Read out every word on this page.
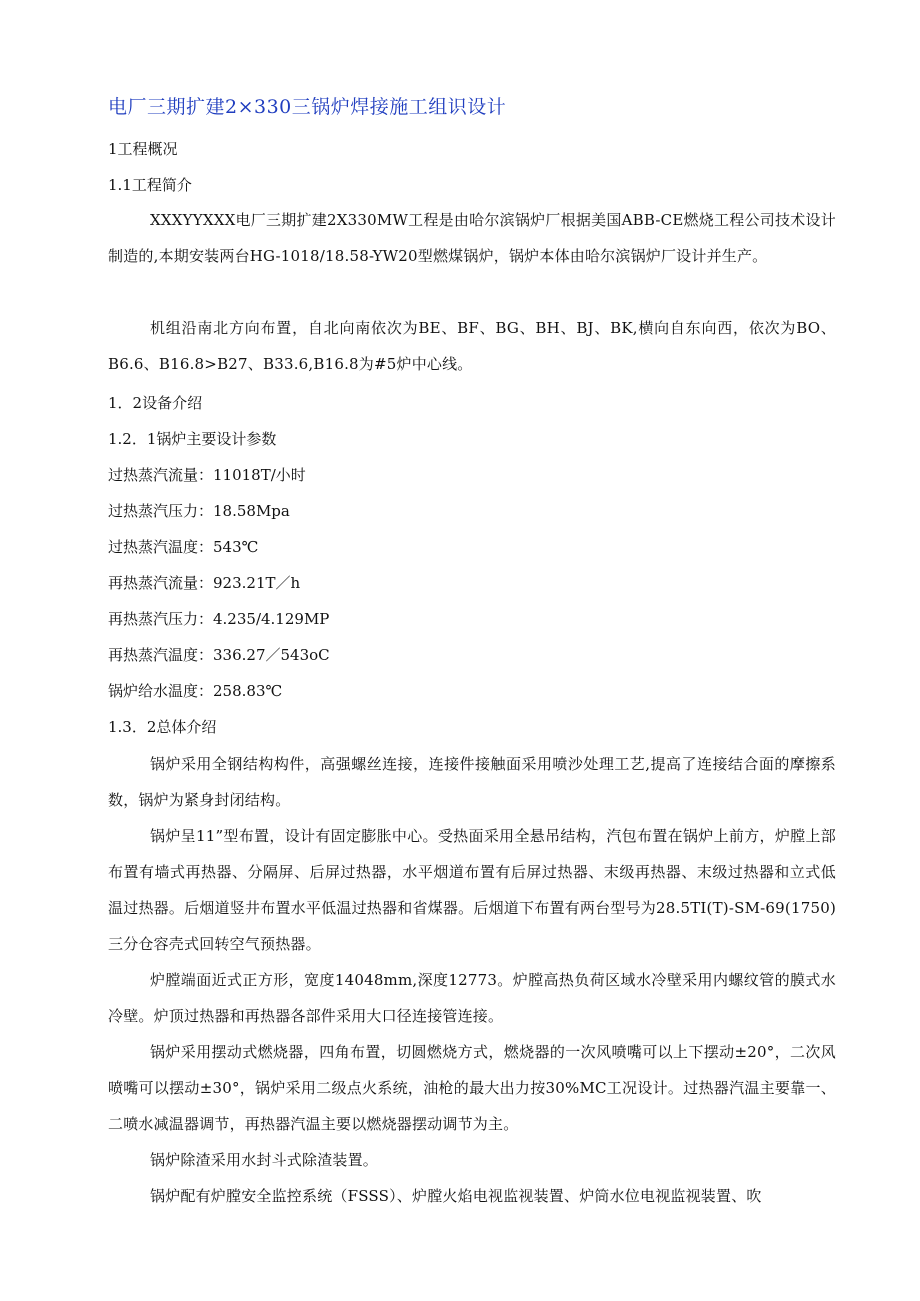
电厂三期扩建2×330三锅炉焊接施工组识设计
1工程概况
1.1工程简介
XXXYYXXX电厂三期扩建2X330MW工程是由哈尔滨锅炉厂根据美国ABB-CE燃烧工程公司技术设计制造的,本期安装两台HG-1018/18.58-YW20型燃煤锅炉，锅炉本体由哈尔滨锅炉厂设计并生产。
机组沿南北方向布置，自北向南依次为BE、BF、BG、BH、BJ、BK,横向自东向西，依次为BO、B6.6、B16.8>B27、B33.6,B16.8为#5炉中心线。
1．2设备介绍
1.2．1锅炉主要设计参数
过热蒸汽流量：11018T/小时
过热蒸汽压力：18.58Mpa
过热蒸汽温度：543℃
再热蒸汽流量：923.21T／h
再热蒸汽压力：4.235/4.129MP
再热蒸汽温度：336.27／543oC
锅炉给水温度：258.83℃
1.3．2总体介绍
锅炉采用全钢结构构件，高强螺丝连接，连接件接触面采用喷沙处理工艺,提高了连接结合面的摩擦系数，锅炉为紧身封闭结构。
锅炉呈11”型布置，设计有固定膨胀中心。受热面采用全悬吊结构，汽包布置在锅炉上前方，炉膛上部布置有墙式再热器、分隔屏、后屏过热器，水平烟道布置有后屏过热器、末级再热器、末级过热器和立式低温过热器。后烟道竖井布置水平低温过热器和省煤器。后烟道下布置有两台型号为28.5TI(T)-SM-69(1750)三分仓容壳式回转空气预热器。
炉膛端面近式正方形，宽度14048mm,深度12773。炉膛高热负荷区域水冷壁采用内螺纹管的膜式水冷壁。炉顶过热器和再热器各部件采用大口径连接管连接。
锅炉采用摆动式燃烧器，四角布置，切圆燃烧方式，燃烧器的一次风喷嘴可以上下摆动±20°，二次风喷嘴可以摆动±30°，锅炉采用二级点火系统，油枪的最大出力按30%MC工况设计。过热器汽温主要靠一、二喷水减温器调节，再热器汽温主要以燃烧器摆动调节为主。
锅炉除渣采用水封斗式除渣装置。
锅炉配有炉膛安全监控系统（FSSS）、炉膛火焰电视监视装置、炉筒水位电视监视装置、吹
